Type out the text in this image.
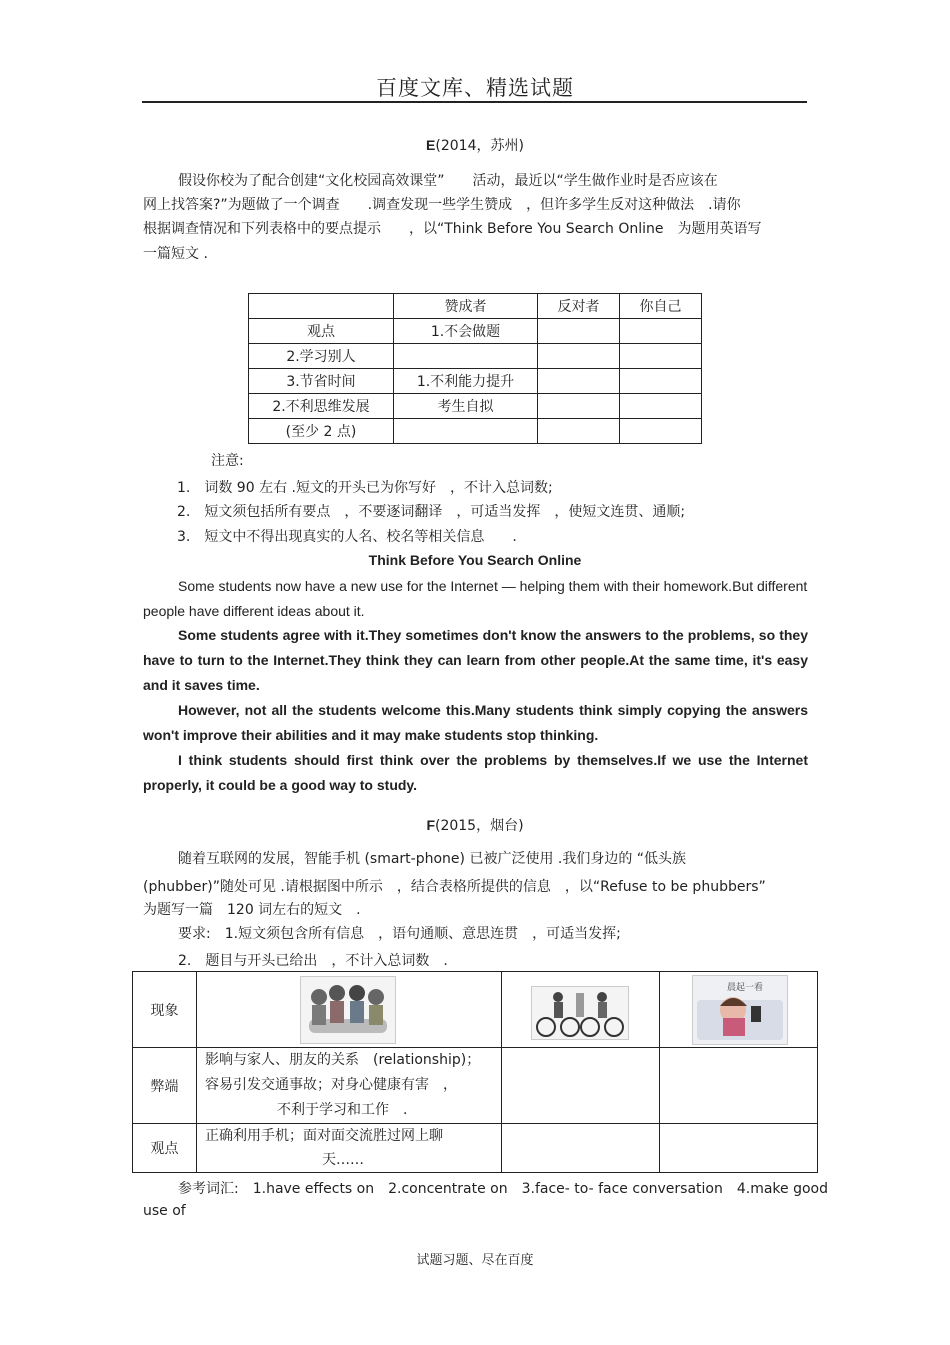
百度文库、精选试题
E(2014，苏州)
假设你校为了配合创建“文化校园高效课堂”　　活动，最近以“学生做作业时是否应该在
网上找答案?”为题做了一个调查　　.调查发现一些学生赞成　，但许多学生反对这种做法　.请你
根据调查情况和下列表格中的要点提示　　，以“Think Before You Search Online　为题用英语写
一篇短文 .
	赞成者	反对者	你自己
观点	1.不会做题		
2.学习别人			
3.节省时间	1.不利能力提升		
2.不利思维发展	考生自拟		
(至少 2 点)			
注意:
1.　词数 90 左右 .短文的开头已为你写好　，不计入总词数;
2.　短文须包括所有要点　，不要逐词翻译　，可适当发挥　，使短文连贯、通顺;
3.　短文中不得出现真实的人名、校名等相关信息　　.
Think Before You Search Online
Some students now have a new use for the Internet — helping them with their homework.But different people have different ideas about it.
Some students agree with it.They sometimes don't know the answers to the problems, so they have to turn to the Internet.They think they can learn from other people.At the same time, it's easy and it saves time.
However, not all the students welcome this.Many students think simply copying the answers won't improve their abilities and it may make students stop thinking.
I think students should first think over the problems by themselves.If we use the Internet properly, it could be a good way to study.
F(2015，烟台)
随着互联网的发展，智能手机 (smart-phone) 已被广泛使用 .我们身边的 “低头族
(phubber)”随处可见 .请根据图中所示　，结合表格所提供的信息　，以“Refuse to be phubbers”
为题写一篇　120 词左右的短文　.
要求:　1.短文须包含所有信息　，语句通顺、意思连贯　，可适当发挥;
2.　题目与开头已给出　，不计入总词数　.
现象			晨起一看

弊端	影响与家人、朋友的关系　(relationship)；
容易引发交通事故；对身心健康有害　，
不利于学习和工作　.		

观点	正确利用手机；面对面交流胜过网上聊
天……		

参考词汇:　1.have effects on　2.concentrate on　3.face- to- face conversation　4.make good
use of
试题习题、尽在百度
